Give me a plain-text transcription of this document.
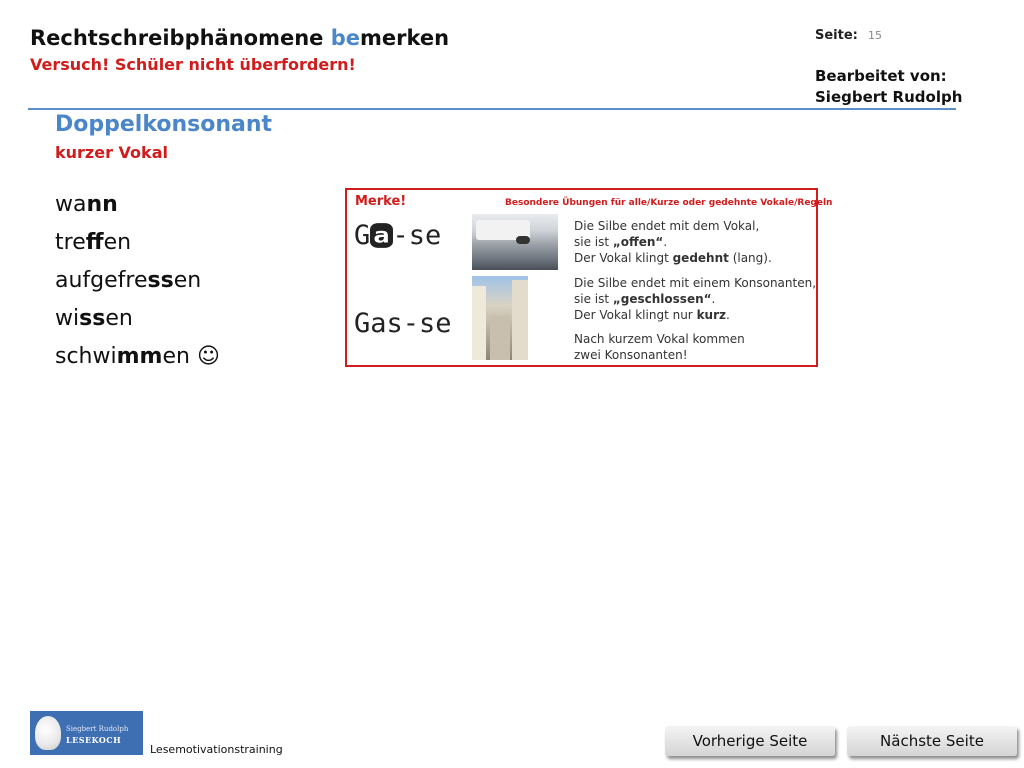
Rechtschreibphänomene bemerken
Versuch! Schüler nicht überfordern!
Seite: 15
Bearbeitet von:
Siegbert Rudolph
Doppelkonsonant
kurzer Vokal
wann
treffen
aufgefressen
wissen
schwimmen ☺
Merke!	Besondere Übungen für alle/Kurze oder gedehnte Vokale/Regeln
G a -se
Gas-se
Die Silbe endet mit dem Vokal,
sie ist „offen“.
Der Vokal klingt gedehnt (lang).
Die Silbe endet mit einem Konsonanten,
sie ist „geschlossen“.
Der Vokal klingt nur kurz.
Nach kurzem Vokal kommen
zwei Konsonanten!
Siegbert Rudolph
LESEKOCH
Lesemotivationstraining	Vorherige Seite	Nächste Seite
